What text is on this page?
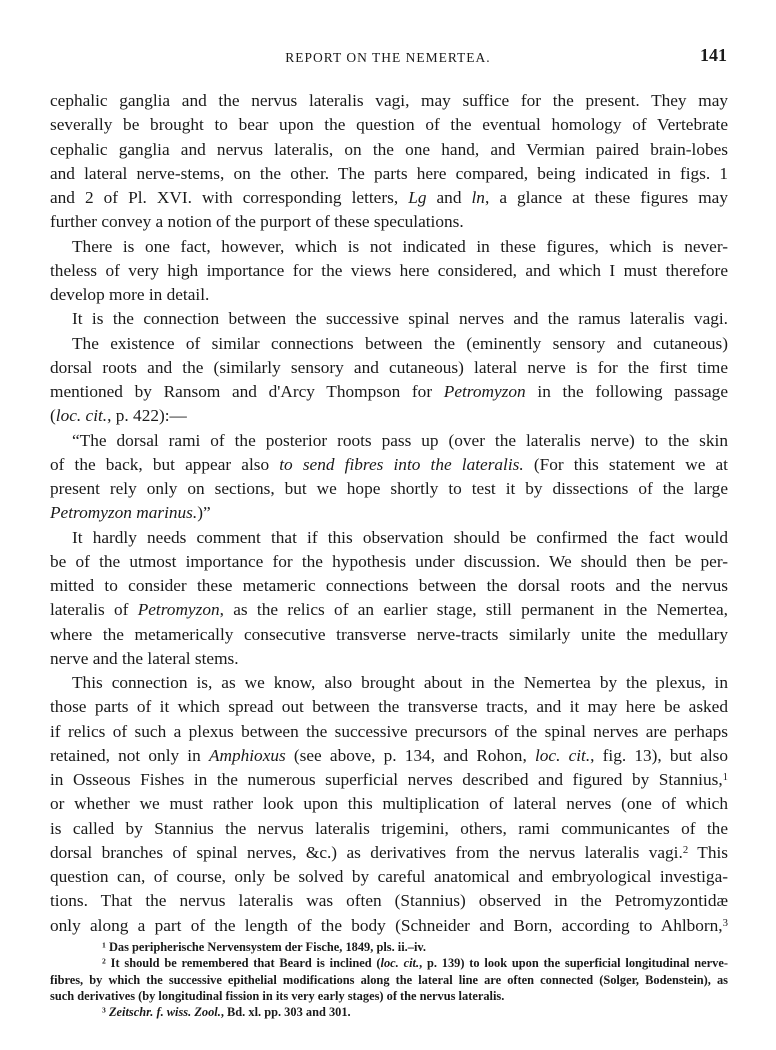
REPORT ON THE NEMERTEA.	141
cephalic ganglia and the nervus lateralis vagi, may suffice for the present. They may
severally be brought to bear upon the question of the eventual homology of Vertebrate
cephalic ganglia and nervus lateralis, on the one hand, and Vermian paired brain-lobes
and lateral nerve-stems, on the other. The parts here compared, being indicated in figs. 1
and 2 of Pl. XVI. with corresponding letters, Lg and ln, a glance at these figures may
further convey a notion of the purport of these speculations.
There is one fact, however, which is not indicated in these figures, which is never-
theless of very high importance for the views here considered, and which I must therefore
develop more in detail.
It is the connection between the successive spinal nerves and the ramus lateralis vagi.
The existence of similar connections between the (eminently sensory and cutaneous)
dorsal roots and the (similarly sensory and cutaneous) lateral nerve is for the first time
mentioned by Ransom and d'Arcy Thompson for Petromyzon in the following passage
(loc. cit., p. 422):—
“The dorsal rami of the posterior roots pass up (over the lateralis nerve) to the skin
of the back, but appear also to send fibres into the lateralis. (For this statement we at
present rely only on sections, but we hope shortly to test it by dissections of the large
Petromyzon marinus.)”
It hardly needs comment that if this observation should be confirmed the fact would
be of the utmost importance for the hypothesis under discussion. We should then be per-
mitted to consider these metameric connections between the dorsal roots and the nervus
lateralis of Petromyzon, as the relics of an earlier stage, still permanent in the Nemertea,
where the metamerically consecutive transverse nerve-tracts similarly unite the medullary
nerve and the lateral stems.
This connection is, as we know, also brought about in the Nemertea by the plexus, in
those parts of it which spread out between the transverse tracts, and it may here be asked
if relics of such a plexus between the successive precursors of the spinal nerves are perhaps
retained, not only in Amphioxus (see above, p. 134, and Rohon, loc. cit., fig. 13), but also
in Osseous Fishes in the numerous superficial nerves described and figured by Stannius,$^1$
or whether we must rather look upon this multiplication of lateral nerves (one of which
is called by Stannius the nervus lateralis trigemini, others, rami communicantes of the
dorsal branches of spinal nerves, &c.) as derivatives from the nervus lateralis vagi.$^2$ This
question can, of course, only be solved by careful anatomical and embryological investiga-
tions. That the nervus lateralis was often (Stannius) observed in the Petromyzontidæ
only along a part of the length of the body (Schneider and Born, according to Ahlborn,$^3$
$^1$ Das peripherische Nervensystem der Fische, 1849, pls. ii.–iv.
$^2$ It should be remembered that Beard is inclined (loc. cit., p. 139) to look upon the superficial longitudinal nerve-
fibres, by which the successive epithelial modifications along the lateral line are often connected (Solger, Bodenstein), as
such derivatives (by longitudinal fission in its very early stages) of the nervus lateralis.
$^3$ Zeitschr. f. wiss. Zool., Bd. xl. pp. 303 and 301.
